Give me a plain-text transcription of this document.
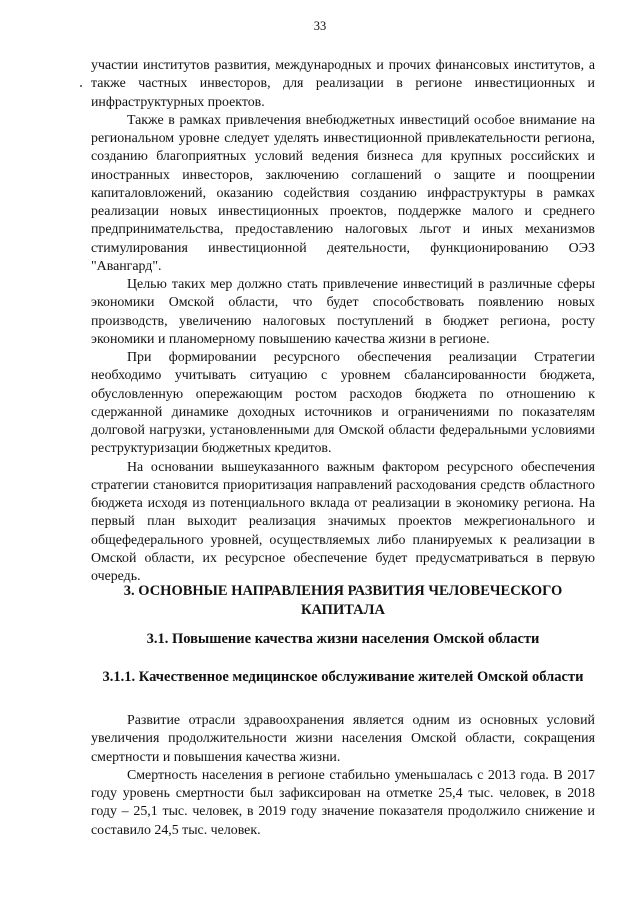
33

участии институтов развития, международных и прочих финансовых институтов, а также частных инвесторов, для реализации в регионе инвестиционных и инфраструктурных проектов.

Также в рамках привлечения внебюджетных инвестиций особое внимание на региональном уровне следует уделять инвестиционной привлекательности региона, созданию благоприятных условий ведения бизнеса для крупных российских и иностранных инвесторов, заключению соглашений о защите и поощрении капиталовложений, оказанию содействия созданию инфраструктуры в рамках реализации новых инвестиционных проектов, поддержке малого и среднего предпринимательства, предоставлению налоговых льгот и иных механизмов стимулирования инвестиционной деятельности, функционированию ОЭЗ "Авангард".

Целью таких мер должно стать привлечение инвестиций в различные сферы экономики Омской области, что будет способствовать появлению новых производств, увеличению налоговых поступлений в бюджет региона, росту экономики и планомерному повышению качества жизни в регионе.

При формировании ресурсного обеспечения реализации Стратегии необходимо учитывать ситуацию с уровнем сбалансированности бюджета, обусловленную опережающим ростом расходов бюджета по отношению к сдержанной динамике доходных источников и ограничениями по показателям долговой нагрузки, установленными для Омской области федеральными условиями реструктуризации бюджетных кредитов.

На основании вышеуказанного важным фактором ресурсного обеспечения стратегии становится приоритизация направлений расходования средств областного бюджета исходя из потенциального вклада от реализации в экономику региона. На первый план выходит реализация значимых проектов межрегионального и общефедерального уровней, осуществляемых либо планируемых к реализации в Омской области, их ресурсное обеспечение будет предусматриваться в первую очередь.

3. ОСНОВНЫЕ НАПРАВЛЕНИЯ РАЗВИТИЯ ЧЕЛОВЕЧЕСКОГО КАПИТАЛА
3.1. Повышение качества жизни населения Омской области
3.1.1. Качественное медицинское обслуживание жителей Омской области

Развитие отрасли здравоохранения является одним из основных условий увеличения продолжительности жизни населения Омской области, сокращения смертности и повышения качества жизни.

Смертность населения в регионе стабильно уменьшалась с 2013 года. В 2017 году уровень смертности был зафиксирован на отметке 25,4 тыс. человек, в 2018 году – 25,1 тыс. человек, в 2019 году значение показателя продолжило снижение и составило 24,5 тыс. человек.
